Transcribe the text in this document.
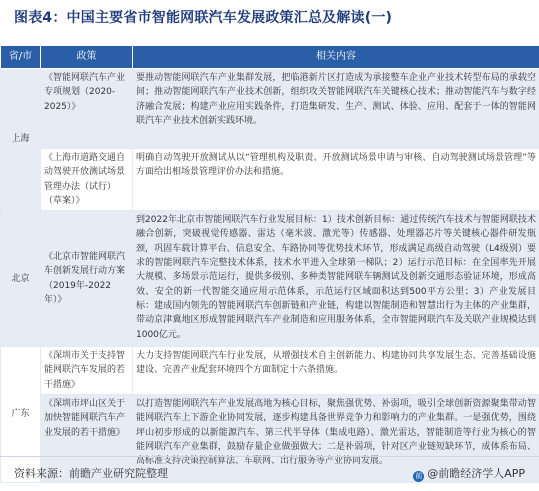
图表4：中国主要省市智能网联汽车发展政策汇总及解读(一)
省/市	政策	相关内容
上海	《智能网联汽车产业专项规划（2020-2025）》	要推动智能网联汽车产业集群发展，把临港新片区打造成为承接整车企业产业技术转型布局的承载空间；推动智能网联汽车产业技术创新，组织攻关智能网联汽车关键核心技术；推动智能汽车与数字经济融合发展；构建产业应用实践条件，打造集研发、生产、测试、体验、应用、配套于一体的智能网联汽车产业技术创新实践环境。
	《上海市道路交通自动驾驶开放测试场景管理办法（试行）（草案）》	明确自动驾驶开放测试从以“管理机构及职责、开放测试场景申请与审核、自动驾驶测试场景管理”等方面给出相场景管理评价办法和措施。
北京	《北京市智能网联汽车创新发展行动方案（2019年-2022年）》	到2022年北京市智能网联汽车行业发展目标：1）技术创新目标：通过传统汽车技术与智能网联技术融合创新，突破视觉传感器、雷达（毫米波、激光等）传感器、处理器芯片等关键核心器件研发瓶颈，巩固车载计算平台、信息安全、车路协同等优势技术环节，形成满足高级自动驾驶（L4级别）要求的智能网联汽车完整技术体系，技术水平进入全球第一梯队；2）运行示范目标：在全国率先开展大规模、多场景示范运行，提供多级别、多种类智能网联车辆测试及创新交通形态验证环境，形成高效、安全的新一代智能交通应用示范体系，示范运行区域面积达到500平方公里；3）产业发展目标：建成国内领先的智能网联汽车创新链和产业链，构建以智能制造和智慧出行为主体的产业集群，带动京津冀地区形成智能网联汽车产业制造和应用服务体系，全市智能网联汽车及关联产业规模达到1000亿元。
广东	《深圳市关于支持智能网联汽车发展的若干措施》	大力支持智能网联汽车行业发展，从增强技术自主创新能力、构建协同共享发展生态、完善基础设施建设、完善产业配套环境四个方面制定十六条措施。
	《深圳市坪山区关于加快智能网联汽车产业发展的若干措施》	以打造智能网联汽车产业发展高地为核心目标，聚焦强优势、补弱项，吸引全球创新资源聚集带动智能网联汽车上下游企业协同发展，逐步构建具备世界竞争力和影响力的产业集群。一是强优势，围绕坪山初步形成的以新能源汽车、第三代半导体（集成电路）、激光雷达，智能制造等行业为核心的智能网联汽车产业集群，鼓励存量企业做强做大；二是补弱项，针对区产业链短缺环节，成体系布局、高标准支持决策控制算法、车联网、出行服务等产业协同发展。
资料来源：前瞻产业研究院整理	前 @前瞻经济学人APP
